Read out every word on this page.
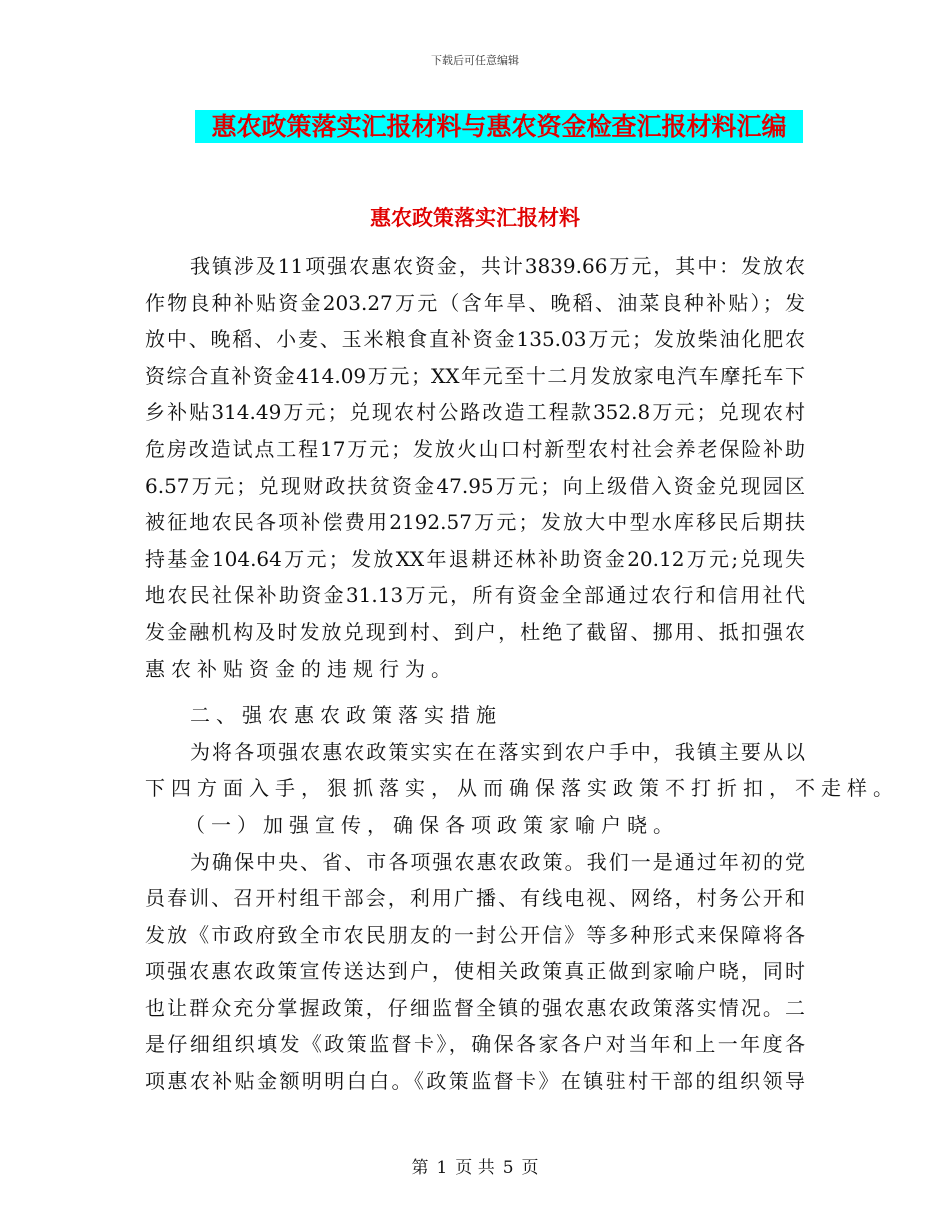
下载后可任意编辑
惠农政策落实汇报材料与惠农资金检查汇报材料汇编
惠农政策落实汇报材料
我镇涉及11项强农惠农资金，共计3839.66万元，其中：发放农
作物良种补贴资金203.27万元（含年旱、晚稻、油菜良种补贴）；发
放中、晚稻、小麦、玉米粮食直补资金135.03万元；发放柴油化肥农
资综合直补资金414.09万元；XX年元至十二月发放家电汽车摩托车下
乡补贴314.49万元；兑现农村公路改造工程款352.8万元；兑现农村
危房改造试点工程17万元；发放火山口村新型农村社会养老保险补助
6.57万元；兑现财政扶贫资金47.95万元；向上级借入资金兑现园区
被征地农民各项补偿费用2192.57万元；发放大中型水库移民后期扶
持基金104.64万元；发放XX年退耕还林补助资金20.12万元;兑现失
地农民社保补助资金31.13万元，所有资金全部通过农行和信用社代
发金融机构及时发放兑现到村、到户，杜绝了截留、挪用、抵扣强农
惠农补贴资金的违规行为。
二、强农惠农政策落实措施
为将各项强农惠农政策实实在在落实到农户手中，我镇主要从以
下四方面入手，狠抓落实，从而确保落实政策不打折扣，不走样。
（一）加强宣传，确保各项政策家喻户晓。
为确保中央、省、市各项强农惠农政策。我们一是通过年初的党
员春训、召开村组干部会，利用广播、有线电视、网络，村务公开和
发放《市政府致全市农民朋友的一封公开信》等多种形式来保障将各
项强农惠农政策宣传送达到户，使相关政策真正做到家喻户晓，同时
也让群众充分掌握政策，仔细监督全镇的强农惠农政策落实情况。二
是仔细组织填发《政策监督卡》，确保各家各户对当年和上一年度各
项惠农补贴金额明明白白。《政策监督卡》在镇驻村干部的组织领导
第 1 页 共 5 页
